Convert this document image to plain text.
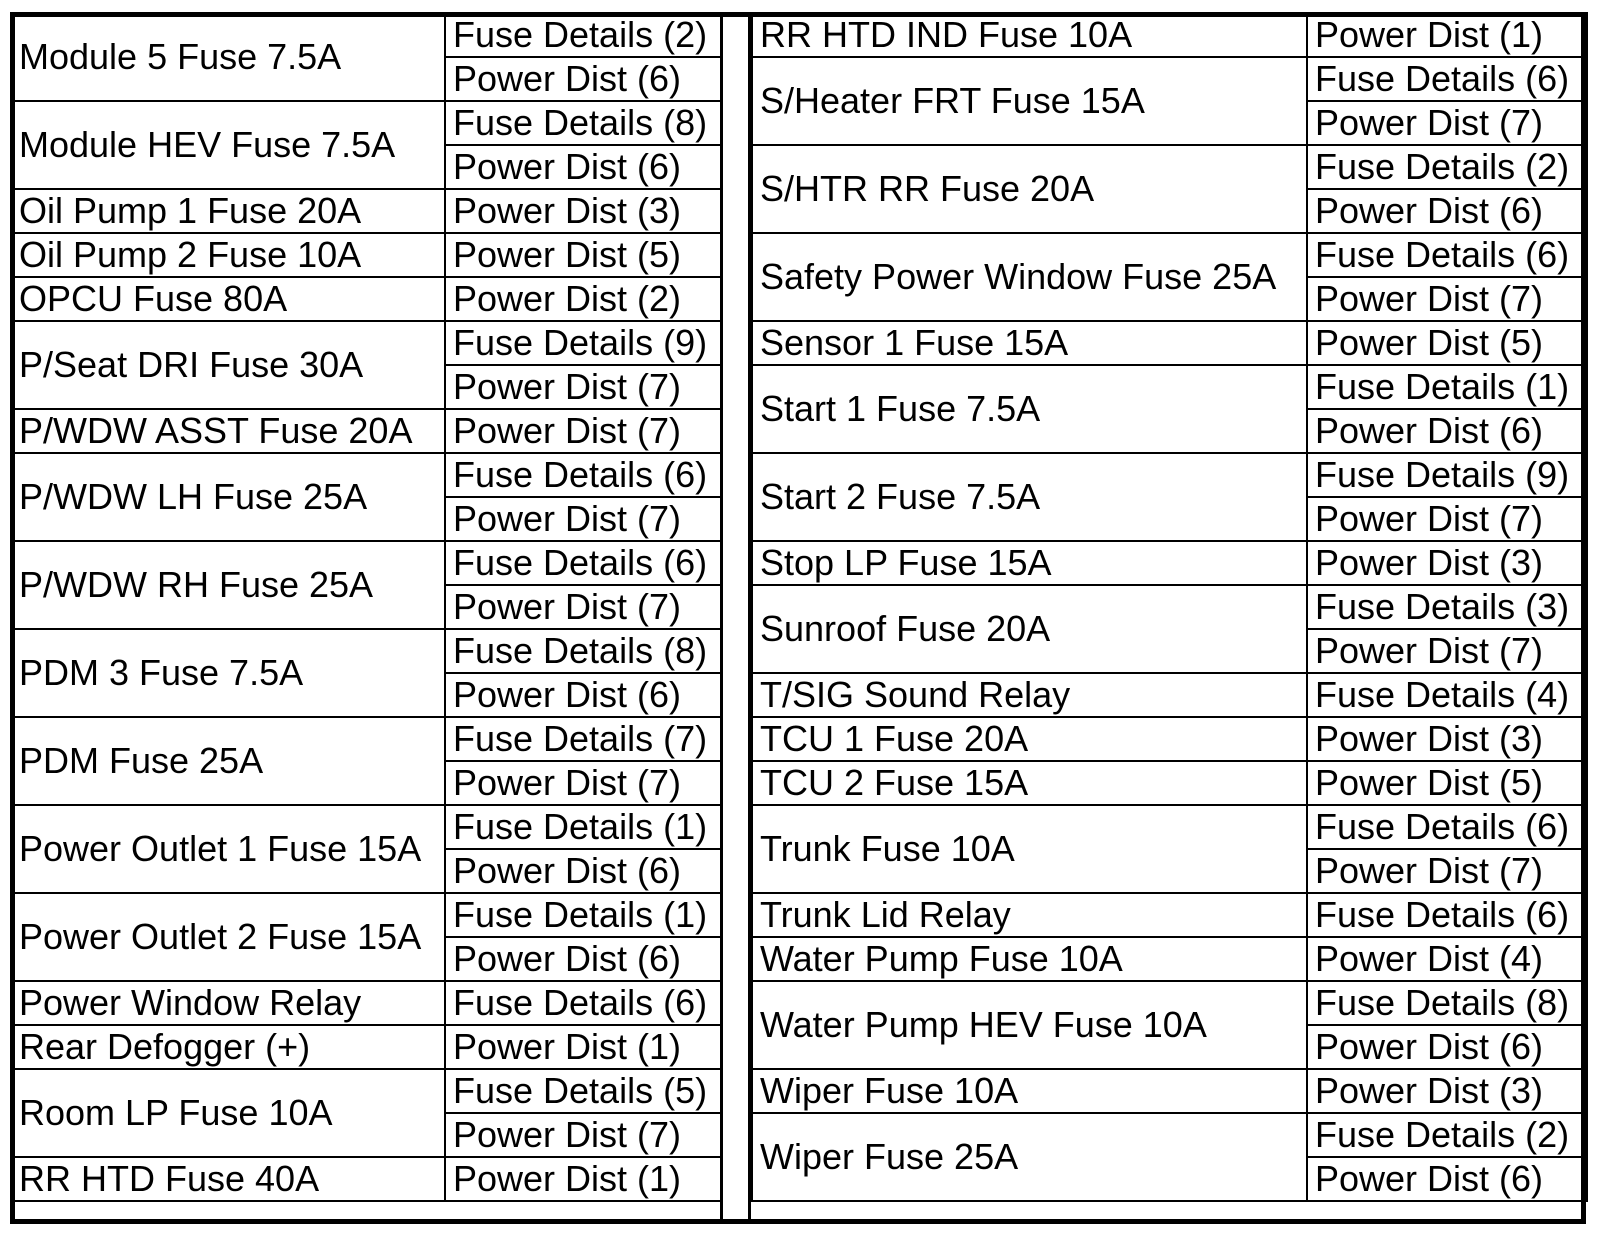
Module 5 Fuse 7.5A	Fuse Details (2)
	Power Dist (6)
Module HEV Fuse 7.5A	Fuse Details (8)
	Power Dist (6)
Oil Pump 1 Fuse 20A	Power Dist (3)
Oil Pump 2 Fuse 10A	Power Dist (5)
OPCU Fuse 80A	Power Dist (2)
P/Seat DRI Fuse 30A	Fuse Details (9)
	Power Dist (7)
P/WDW ASST Fuse 20A	Power Dist (7)
P/WDW LH Fuse 25A	Fuse Details (6)
	Power Dist (7)
P/WDW RH Fuse 25A	Fuse Details (6)
	Power Dist (7)
PDM 3 Fuse 7.5A	Fuse Details (8)
	Power Dist (6)
PDM Fuse 25A	Fuse Details (7)
	Power Dist (7)
Power Outlet 1 Fuse 15A	Fuse Details (1)
	Power Dist (6)
Power Outlet 2 Fuse 15A	Fuse Details (1)
	Power Dist (6)
Power Window Relay	Fuse Details (6)
Rear Defogger (+)	Power Dist (1)
Room LP Fuse 10A	Fuse Details (5)
	Power Dist (7)
RR HTD Fuse 40A	Power Dist (1)
RR HTD IND Fuse 10A	Power Dist (1)
S/Heater FRT Fuse 15A	Fuse Details (6)
	Power Dist (7)
S/HTR RR Fuse 20A	Fuse Details (2)
	Power Dist (6)
Safety Power Window Fuse 25A	Fuse Details (6)
	Power Dist (7)
Sensor 1 Fuse 15A	Power Dist (5)
Start 1 Fuse 7.5A	Fuse Details (1)
	Power Dist (6)
Start 2 Fuse 7.5A	Fuse Details (9)
	Power Dist (7)
Stop LP Fuse 15A	Power Dist (3)
Sunroof Fuse 20A	Fuse Details (3)
	Power Dist (7)
T/SIG Sound Relay	Fuse Details (4)
TCU 1 Fuse 20A	Power Dist (3)
TCU 2 Fuse 15A	Power Dist (5)
Trunk Fuse 10A	Fuse Details (6)
	Power Dist (7)
Trunk Lid Relay	Fuse Details (6)
Water Pump Fuse 10A	Power Dist (4)
Water Pump HEV Fuse 10A	Fuse Details (8)
	Power Dist (6)
Wiper Fuse 10A	Power Dist (3)
Wiper Fuse 25A	Fuse Details (2)
	Power Dist (6)
